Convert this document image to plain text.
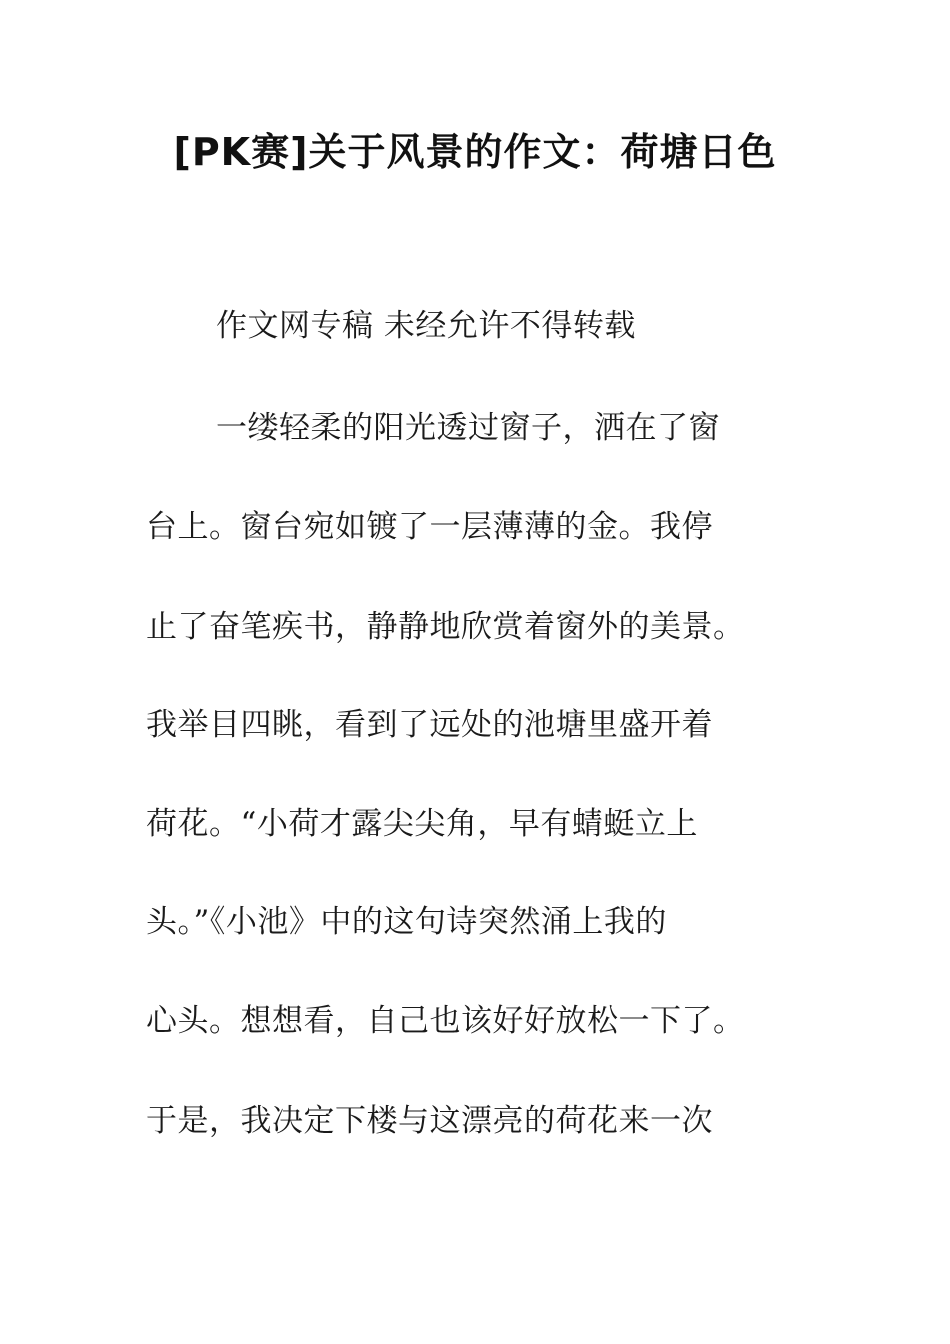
[PK赛]关于风景的作文：荷塘日色
作文网专稿 未经允许不得转载
一缕轻柔的阳光透过窗子，洒在了窗
台上。窗台宛如镀了一层薄薄的金。我停
止了奋笔疾书，静静地欣赏着窗外的美景。
我举目四眺，看到了远处的池塘里盛开着
荷花。“小荷才露尖尖角，早有蜻蜓立上
头。”《小池》中的这句诗突然涌上我的
心头。想想看，自己也该好好放松一下了。
于是，我决定下楼与这漂亮的荷花来一次
